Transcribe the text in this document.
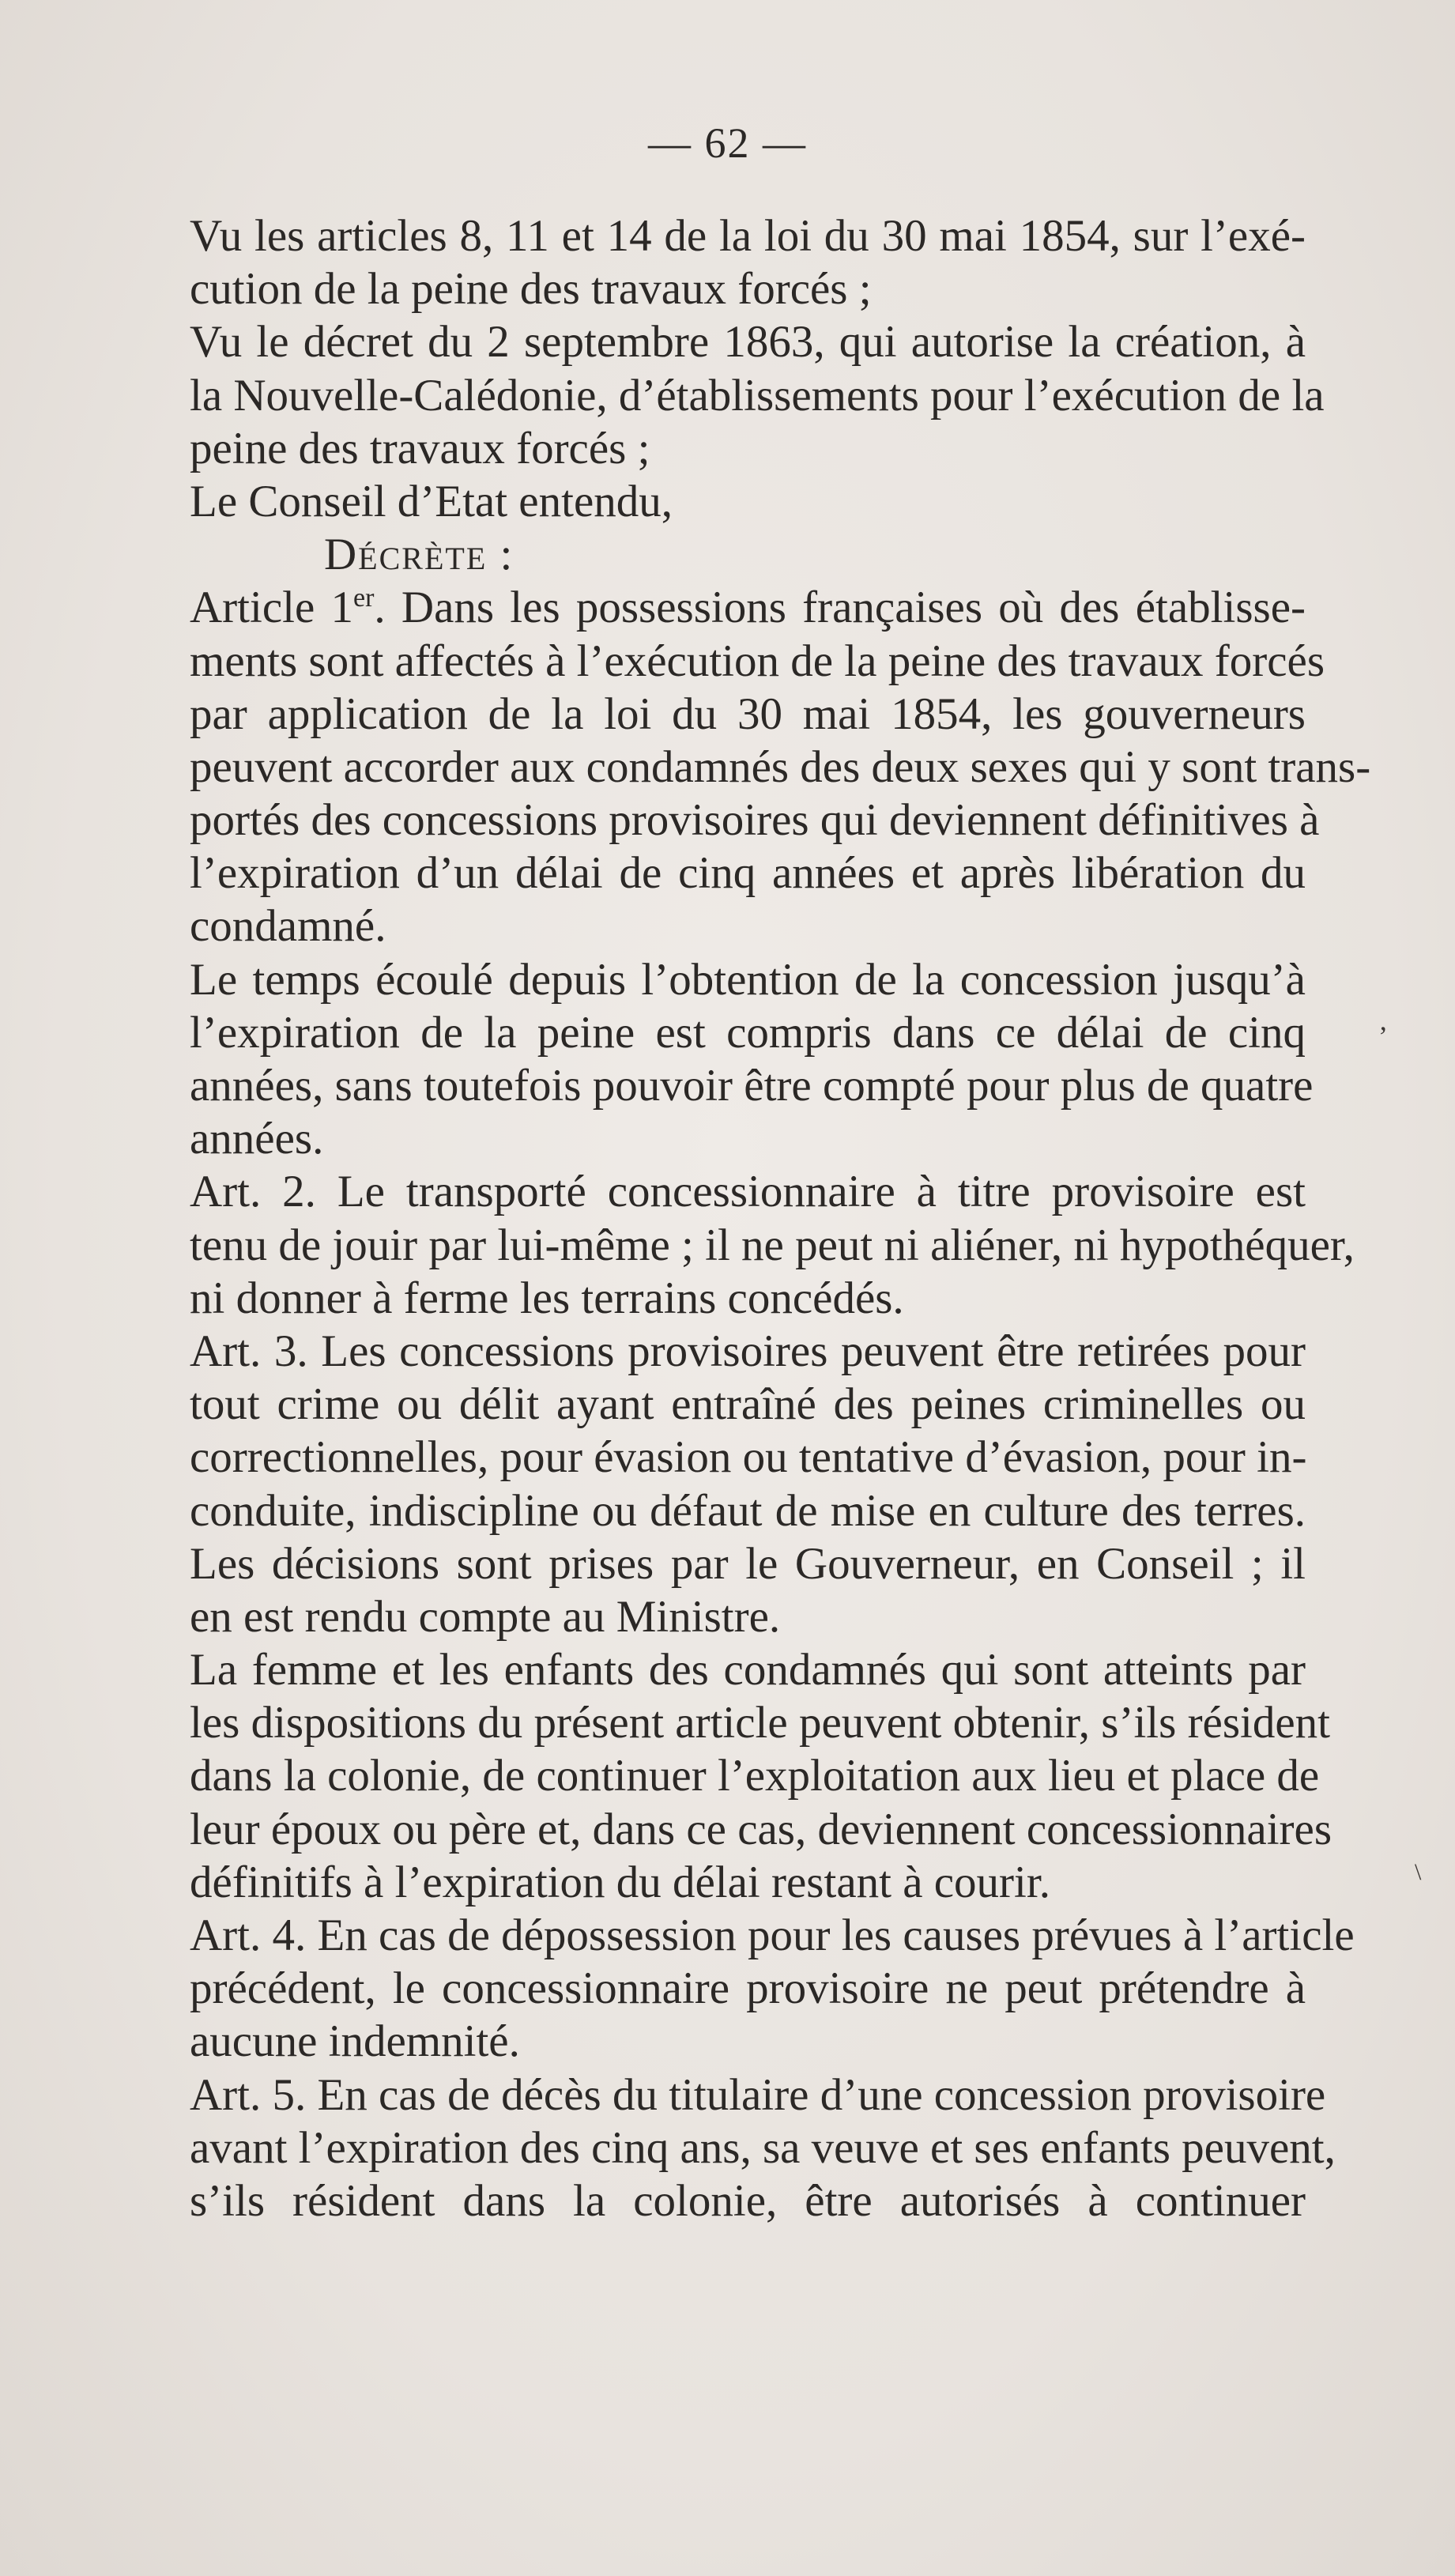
— 62 —
Vu les articles 8, 11 et 14 de la loi du 30 mai 1854, sur l’exé-
cution de la peine des travaux forcés ;
Vu le décret du 2 septembre 1863, qui autorise la création, à
la Nouvelle-Calédonie, d’établissements pour l’exécution de la
peine des travaux forcés ;
Le Conseil d’Etat entendu,
Décrète :
Article 1er. Dans les possessions françaises où des établisse-
ments sont affectés à l’exécution de la peine des travaux forcés
par application de la loi du 30 mai 1854, les gouverneurs
peuvent accorder aux condamnés des deux sexes qui y sont trans-
portés des concessions provisoires qui deviennent définitives à
l’expiration d’un délai de cinq années et après libération du
condamné.
Le temps écoulé depuis l’obtention de la concession jusqu’à
l’expiration de la peine est compris dans ce délai de cinq
années, sans toutefois pouvoir être compté pour plus de quatre
années.
Art. 2. Le transporté concessionnaire à titre provisoire est
tenu de jouir par lui-même ; il ne peut ni aliéner, ni hypothéquer,
ni donner à ferme les terrains concédés.
Art. 3. Les concessions provisoires peuvent être retirées pour
tout crime ou délit ayant entraîné des peines criminelles ou
correctionnelles, pour évasion ou tentative d’évasion, pour in-
conduite, indiscipline ou défaut de mise en culture des terres.
Les décisions sont prises par le Gouverneur, en Conseil ; il
en est rendu compte au Ministre.
La femme et les enfants des condamnés qui sont atteints par
les dispositions du présent article peuvent obtenir, s’ils résident
dans la colonie, de continuer l’exploitation aux lieu et place de
leur époux ou père et, dans ce cas, deviennent concessionnaires
définitifs à l’expiration du délai restant à courir.
Art. 4. En cas de dépossession pour les causes prévues à l’article
précédent, le concessionnaire provisoire ne peut prétendre à
aucune indemnité.
Art. 5. En cas de décès du titulaire d’une concession provisoire
avant l’expiration des cinq ans, sa veuve et ses enfants peuvent,
s’ils résident dans la colonie, être autorisés à continuer
’
\
